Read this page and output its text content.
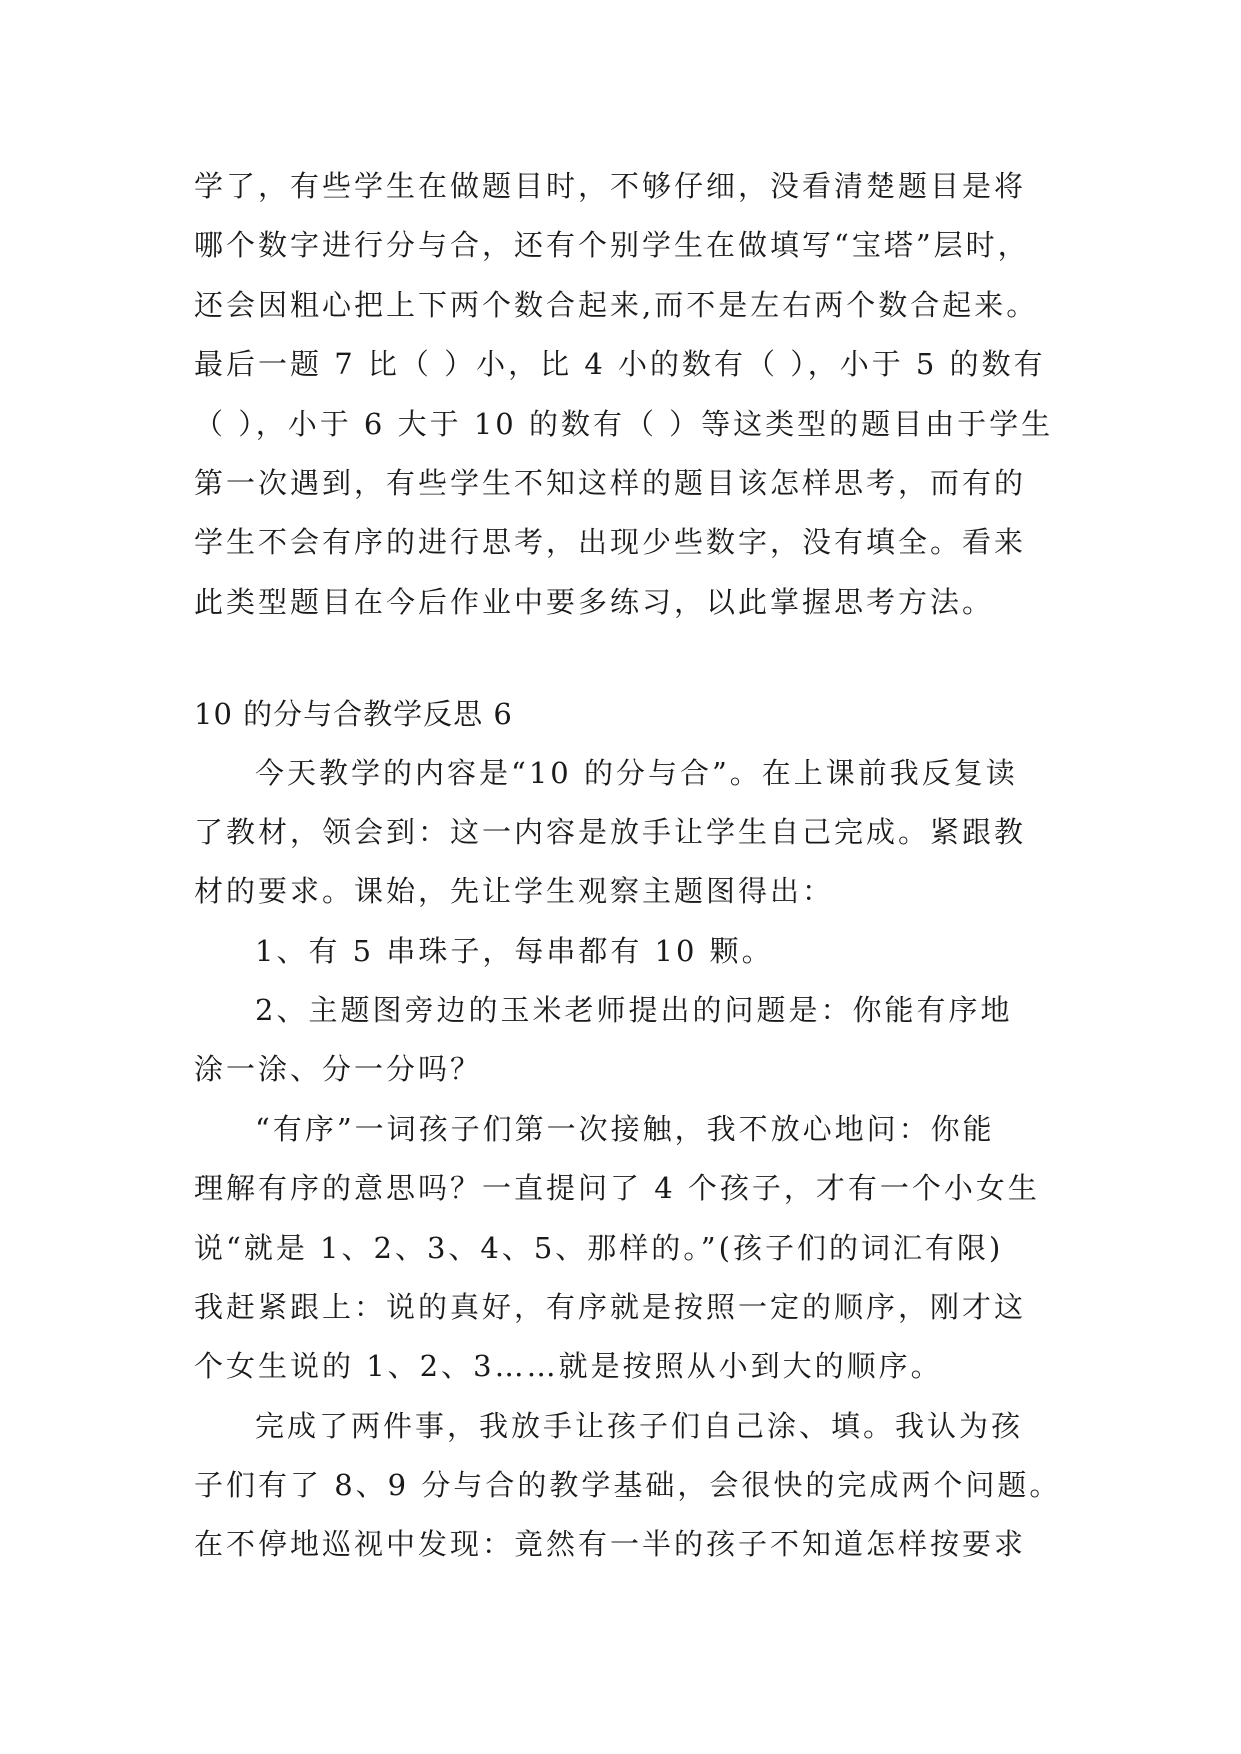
学了，有些学生在做题目时，不够仔细，没看清楚题目是将
哪个数字进行分与合，还有个别学生在做填写“宝塔”层时，
还会因粗心把上下两个数合起来,而不是左右两个数合起来。
最后一题 7 比（ ）小，比 4 小的数有（ ），小于 5 的数有
（ ），小于 6 大于 10 的数有（ ）等这类型的题目由于学生
第一次遇到，有些学生不知这样的题目该怎样思考，而有的
学生不会有序的进行思考，出现少些数字，没有填全。看来
此类型题目在今后作业中要多练习，以此掌握思考方法。
10 的分与合教学反思 6
今天教学的内容是“10 的分与合”。在上课前我反复读
了教材，领会到：这一内容是放手让学生自己完成。紧跟教
材的要求。课始，先让学生观察主题图得出：
1、有 5 串珠子，每串都有 10 颗。
2、主题图旁边的玉米老师提出的问题是：你能有序地
涂一涂、分一分吗？
“有序”一词孩子们第一次接触，我不放心地问：你能
理解有序的意思吗？一直提问了 4 个孩子，才有一个小女生
说“就是 1、2、3、4、5、那样的。”(孩子们的词汇有限)
我赶紧跟上：说的真好，有序就是按照一定的顺序，刚才这
个女生说的 1、2、3……就是按照从小到大的顺序。
完成了两件事，我放手让孩子们自己涂、填。我认为孩
子们有了 8、9 分与合的教学基础，会很快的完成两个问题。
在不停地巡视中发现：竟然有一半的孩子不知道怎样按要求
